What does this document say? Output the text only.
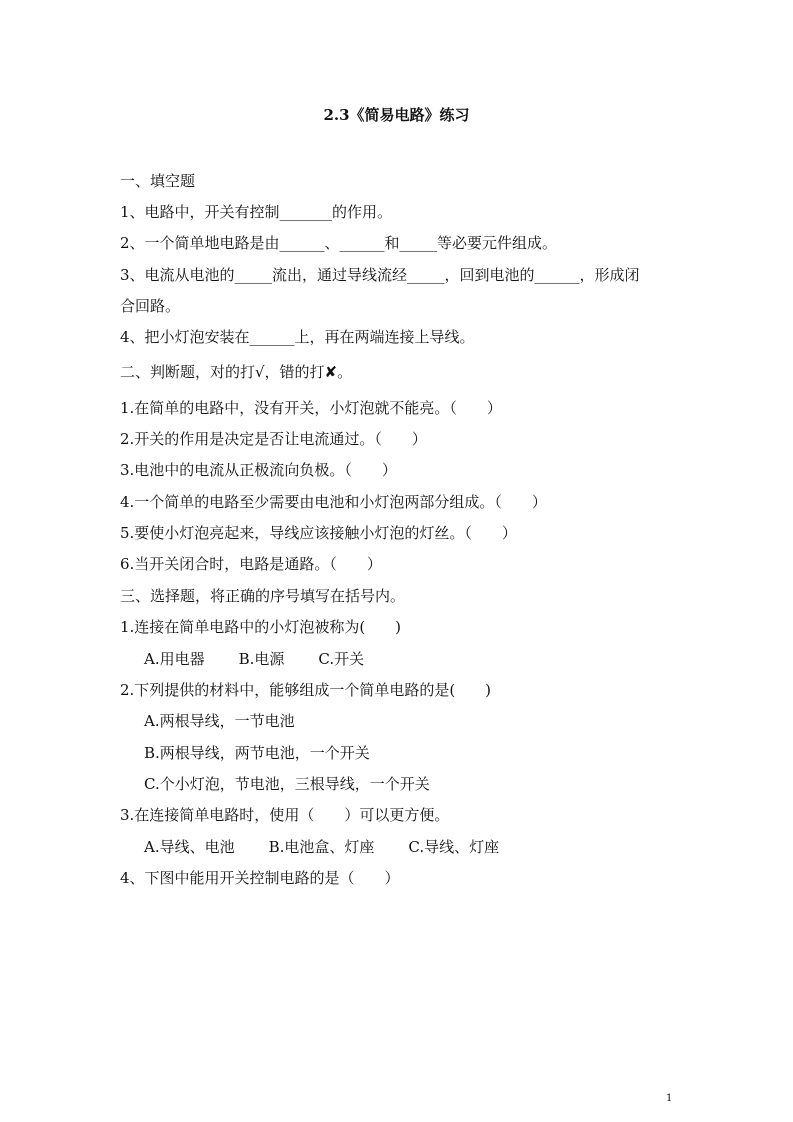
2.3《简易电路》练习
一、填空题
1、电路中，开关有控制_______的作用。
2、一个简单地电路是由______、______和_____等必要元件组成。
3、电流从电池的_____流出，通过导线流经_____，回到电池的______，形成闭
合回路。
4、把小灯泡安装在______上，再在两端连接上导线。
二、判断题，对的打√，错的打✘。
1.在简单的电路中，没有开关，小灯泡就不能亮。（　　）
2.开关的作用是决定是否让电流通过。（　　）
3.电池中的电流从正极流向负极。（　　）
4.一个简单的电路至少需要由电池和小灯泡两部分组成。（　　）
5.要使小灯泡亮起来，导线应该接触小灯泡的灯丝。（　　）
6.当开关闭合时，电路是通路。（　　）
三、选择题，将正确的序号填写在括号内。
1.连接在简单电路中的小灯泡被称为(　　)
A.用电器 B.电源 C.开关
2.下列提供的材料中，能够组成一个简单电路的是(　　)
A.两根导线，一节电池
B.两根导线，两节电池，一个开关
C.个小灯泡，节电池，三根导线，一个开关
3.在连接简单电路时，使用（　　）可以更方便。
A.导线、电池 B.电池盒、灯座 C.导线、灯座
4、下图中能用开关控制电路的是（　　）
1
